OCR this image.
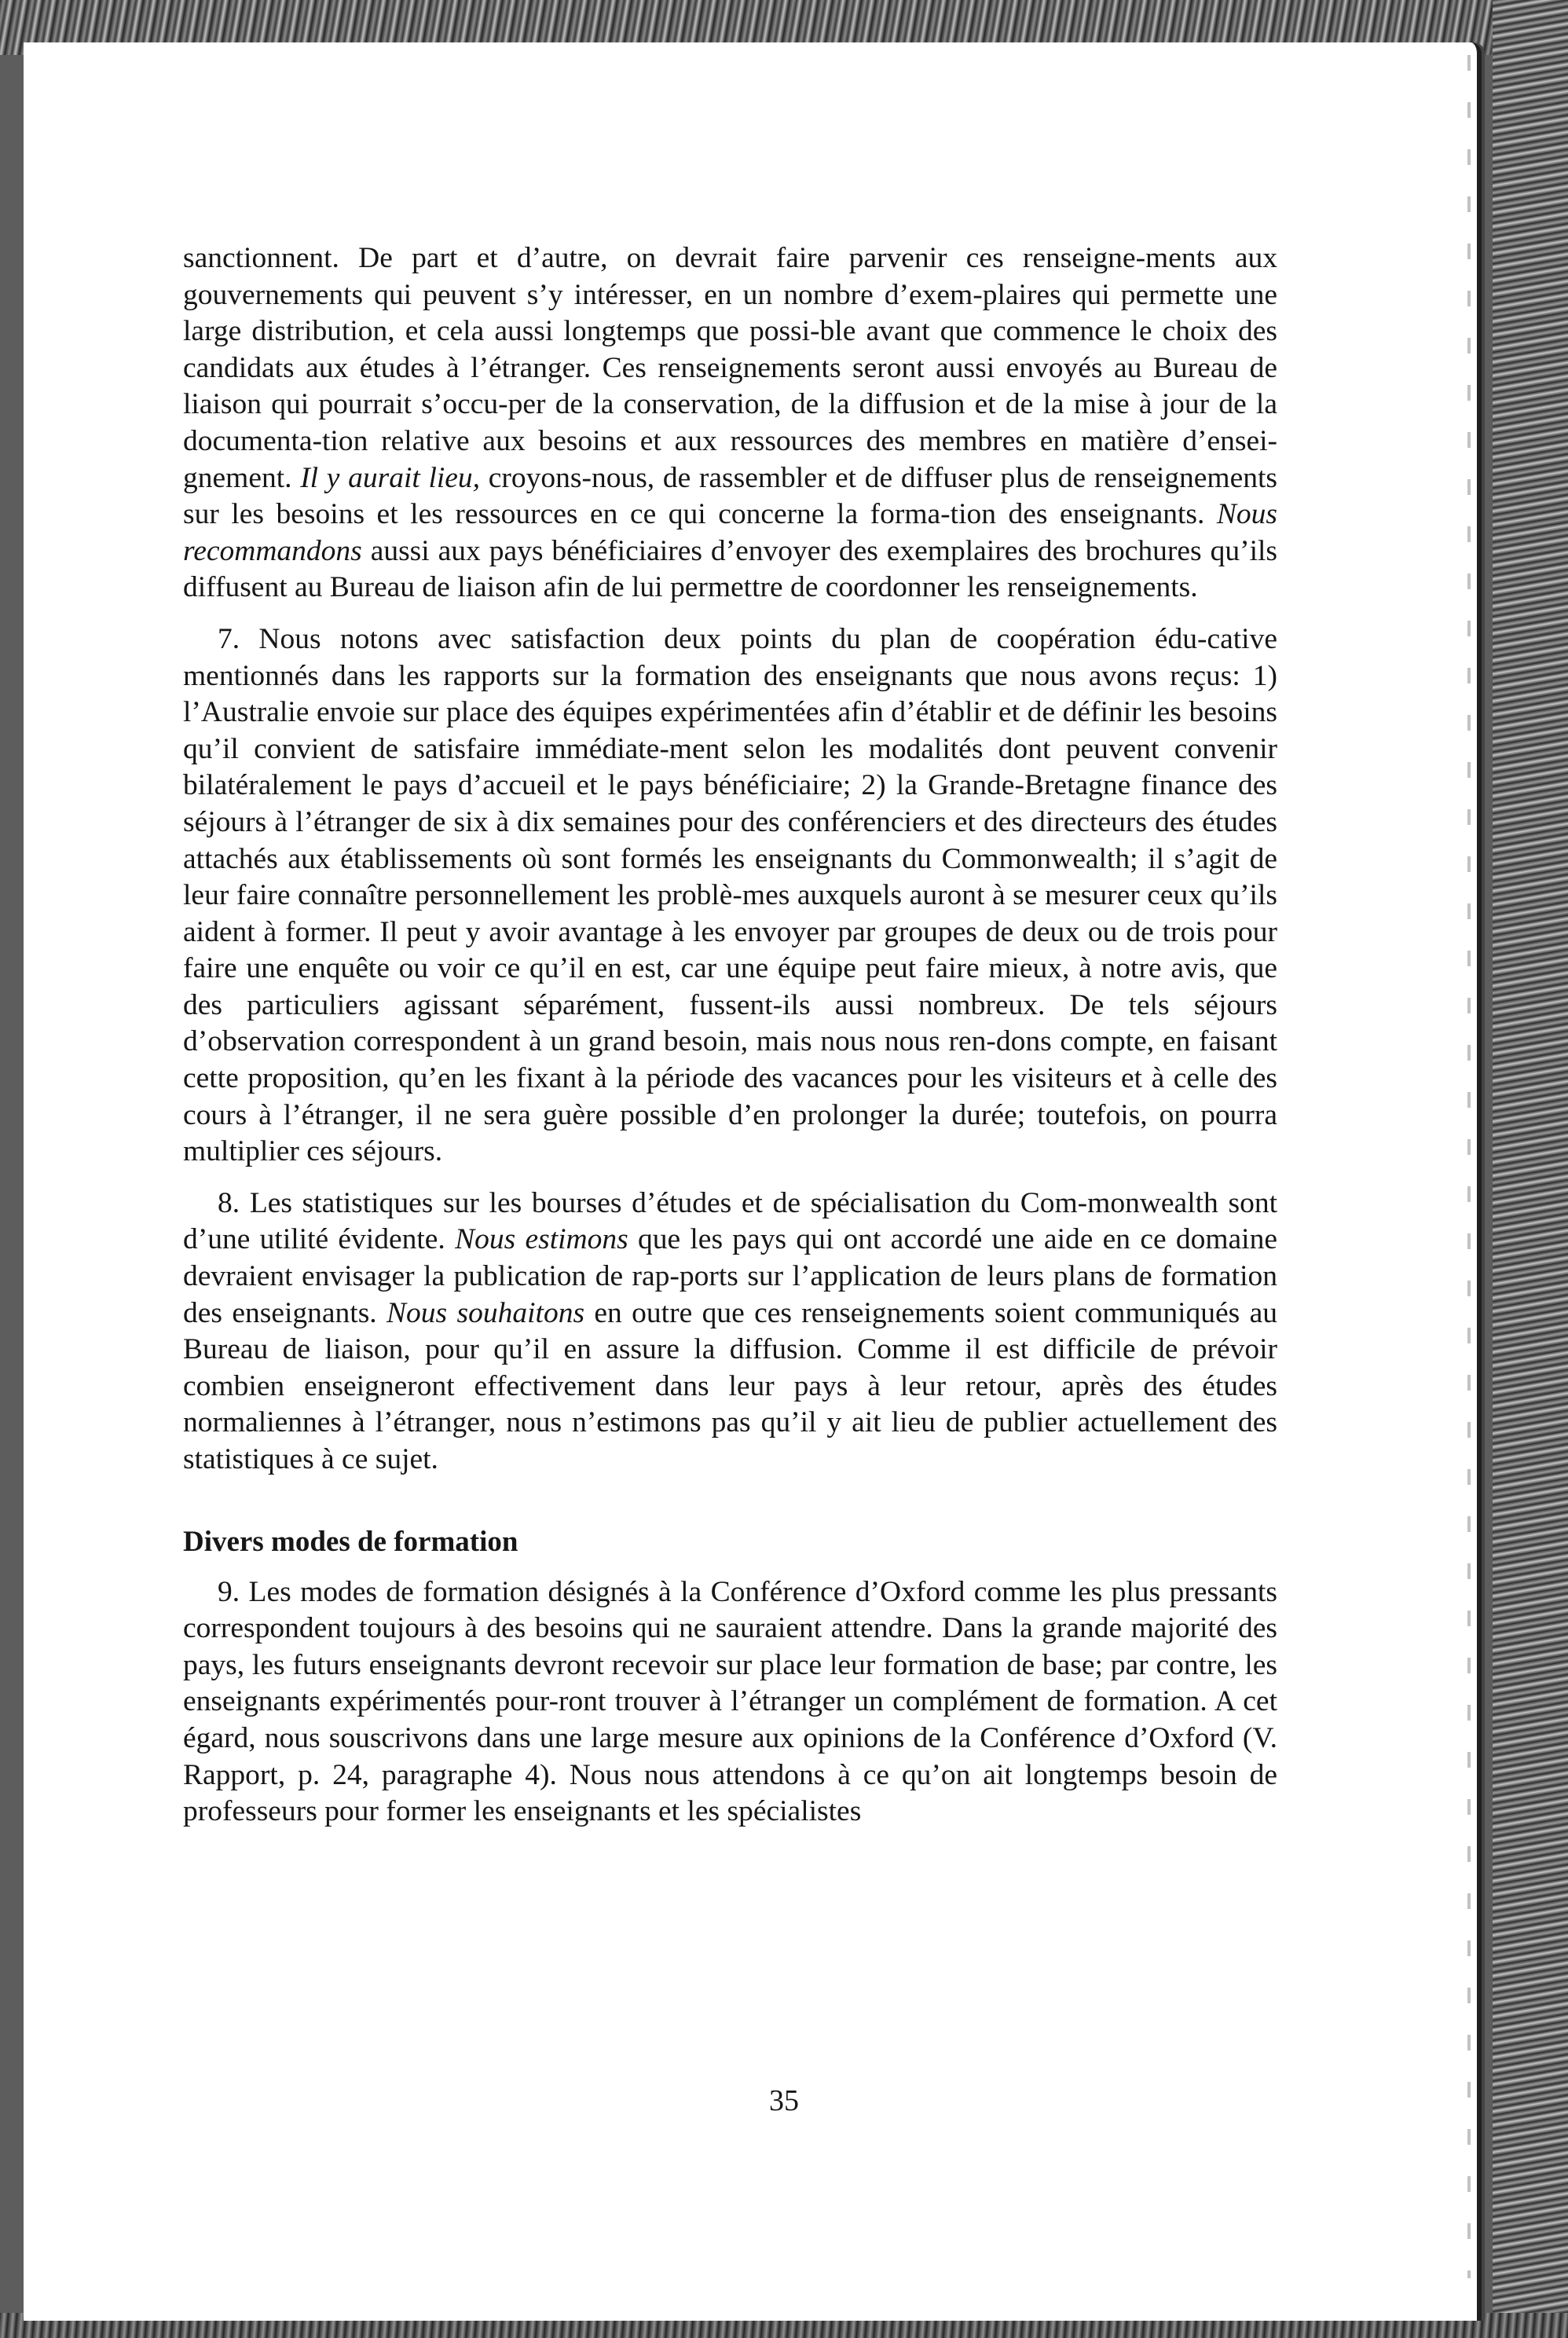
sanctionnent. De part et d’autre, on devrait faire parvenir ces renseigne-ments aux gouvernements qui peuvent s’y intéresser, en un nombre d’exem-plaires qui permette une large distribution, et cela aussi longtemps que possi-ble avant que commence le choix des candidats aux études à l’étranger. Ces renseignements seront aussi envoyés au Bureau de liaison qui pourrait s’occu-per de la conservation, de la diffusion et de la mise à jour de la documenta-tion relative aux besoins et aux ressources des membres en matière d’ensei-gnement. Il y aurait lieu, croyons-nous, de rassembler et de diffuser plus de renseignements sur les besoins et les ressources en ce qui concerne la forma-tion des enseignants. Nous recommandons aussi aux pays bénéficiaires d’envoyer des exemplaires des brochures qu’ils diffusent au Bureau de liaison afin de lui permettre de coordonner les renseignements.

7. Nous notons avec satisfaction deux points du plan de coopération édu-cative mentionnés dans les rapports sur la formation des enseignants que nous avons reçus: 1) l’Australie envoie sur place des équipes expérimentées afin d’établir et de définir les besoins qu’il convient de satisfaire immédiate-ment selon les modalités dont peuvent convenir bilatéralement le pays d’accueil et le pays bénéficiaire; 2) la Grande-Bretagne finance des séjours à l’étranger de six à dix semaines pour des conférenciers et des directeurs des études attachés aux établissements où sont formés les enseignants du Commonwealth; il s’agit de leur faire connaître personnellement les problè-mes auxquels auront à se mesurer ceux qu’ils aident à former. Il peut y avoir avantage à les envoyer par groupes de deux ou de trois pour faire une enquête ou voir ce qu’il en est, car une équipe peut faire mieux, à notre avis, que des particuliers agissant séparément, fussent-ils aussi nombreux. De tels séjours d’observation correspondent à un grand besoin, mais nous nous ren-dons compte, en faisant cette proposition, qu’en les fixant à la période des vacances pour les visiteurs et à celle des cours à l’étranger, il ne sera guère possible d’en prolonger la durée; toutefois, on pourra multiplier ces séjours.

8. Les statistiques sur les bourses d’études et de spécialisation du Com-monwealth sont d’une utilité évidente. Nous estimons que les pays qui ont accordé une aide en ce domaine devraient envisager la publication de rap-ports sur l’application de leurs plans de formation des enseignants. Nous souhaitons en outre que ces renseignements soient communiqués au Bureau de liaison, pour qu’il en assure la diffusion. Comme il est difficile de prévoir combien enseigneront effectivement dans leur pays à leur retour, après des études normaliennes à l’étranger, nous n’estimons pas qu’il y ait lieu de publier actuellement des statistiques à ce sujet.

Divers modes de formation

9. Les modes de formation désignés à la Conférence d’Oxford comme les plus pressants correspondent toujours à des besoins qui ne sauraient attendre. Dans la grande majorité des pays, les futurs enseignants devront recevoir sur place leur formation de base; par contre, les enseignants expérimentés pour-ront trouver à l’étranger un complément de formation. A cet égard, nous souscrivons dans une large mesure aux opinions de la Conférence d’Oxford (V. Rapport, p. 24, paragraphe 4). Nous nous attendons à ce qu’on ait longtemps besoin de professeurs pour former les enseignants et les spécialistes

35
